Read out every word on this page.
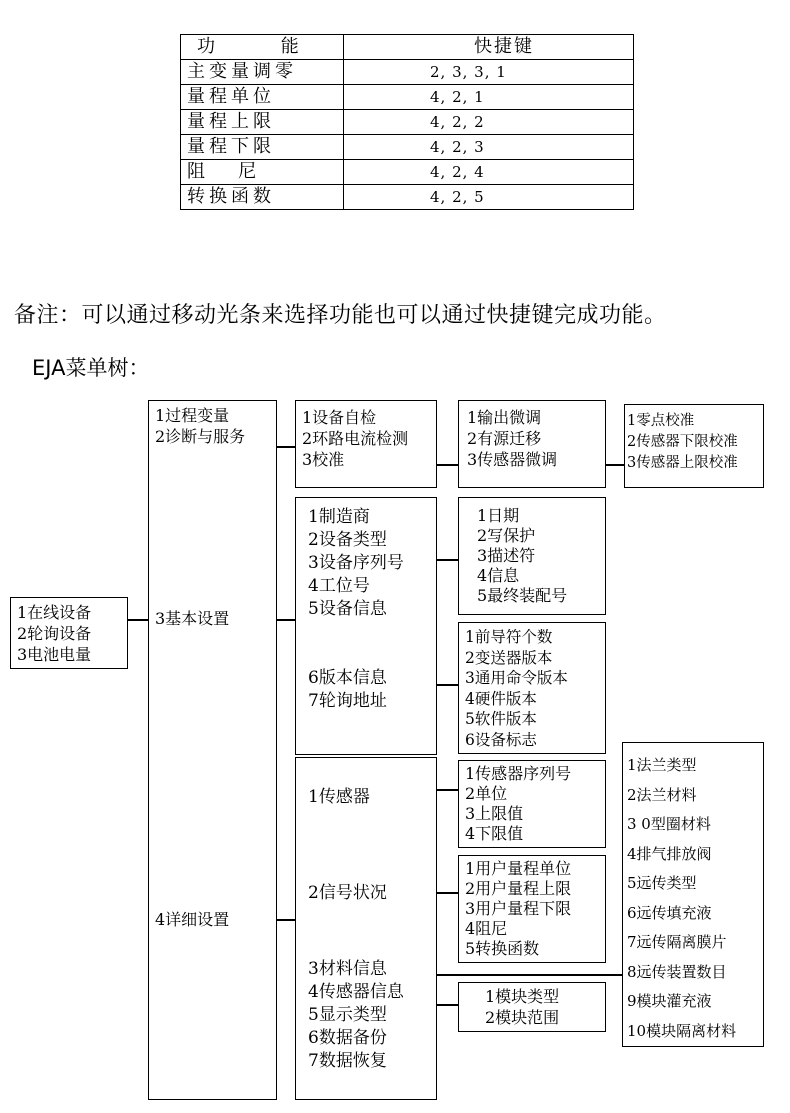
功 能	快捷键
主变量调零	2, 3, 3, 1
量程单位	4, 2, 1
量程上限	4, 2, 2
量程下限	4, 2, 3
阻   尼	4, 2, 4
转换函数	4, 2, 5
备注：可以通过移动光条来选择功能也可以通过快捷键完成功能。
EJA菜单树：
1在线设备
2轮询设备
3电池电量
1过程变量
2诊断与服务
3基本设置
4详细设置
1设备自检
2环路电流检测
3校准
1输出微调
2有源迁移
3传感器微调
1零点校准
2传感器下限校准
3传感器上限校准
1制造商
2设备类型
3设备序列号
4工位号
5设备信息
6版本信息
7轮询地址
1日期
2写保护
3描述符
4信息
5最终装配号
1前导符个数
2变送器版本
3通用命令版本
4硬件版本
5软件版本
6设备标志
1传感器
2信号状况
3材料信息
4传感器信息
5显示类型
6数据备份
7数据恢复
1传感器序列号
2单位
3上限值
4下限值
1用户量程单位
2用户量程上限
3用户量程下限
4阻尼
5转换函数
1模块类型
2模块范围
1法兰类型
2法兰材料
3 0型圈材料
4排气排放阀
5远传类型
6远传填充液
7远传隔离膜片
8远传装置数目
9模块灌充液
10模块隔离材料
